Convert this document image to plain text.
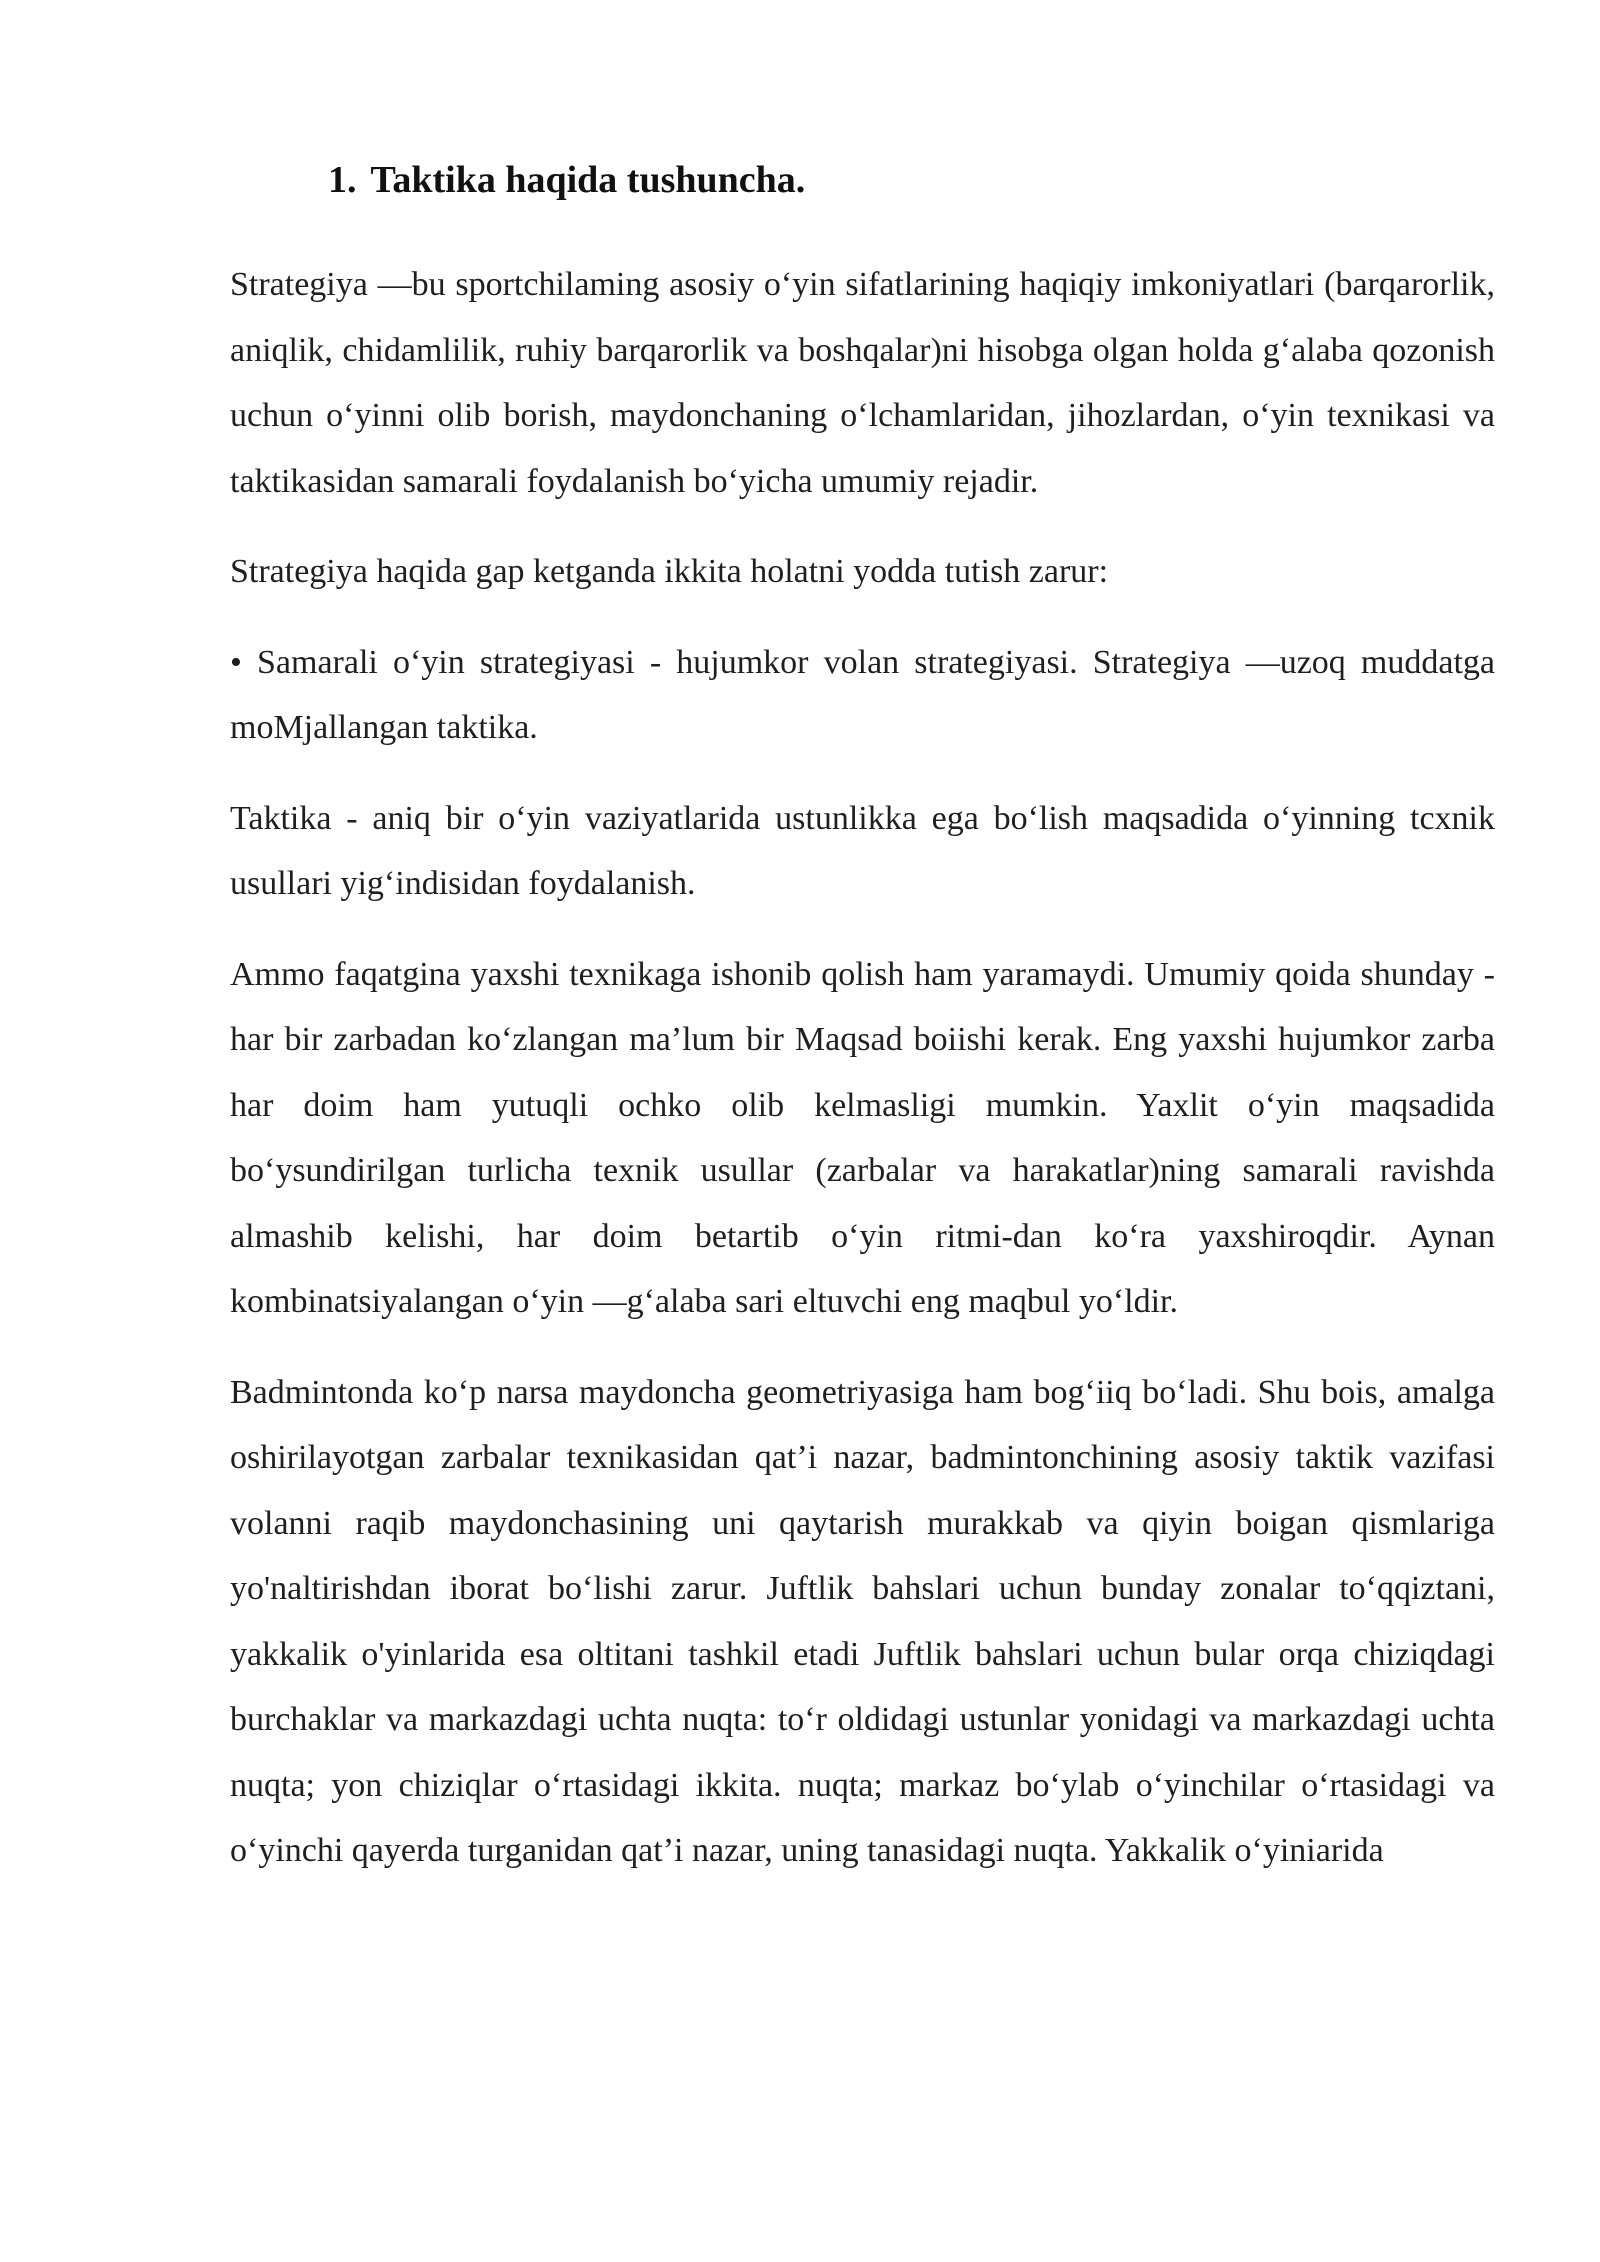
1. Taktika haqida tushuncha.

Strategiya —bu sportchilaming asosiy o‘yin sifatlarining haqiqiy imkoniyatlari (barqarorlik, aniqlik, chidamlilik, ruhiy barqarorlik va boshqalar)ni hisobga olgan holda g‘alaba qozonish uchun o‘yinni olib borish, maydonchaning o‘lchamlaridan, jihozlardan, o‘yin texnikasi va taktikasidan samarali foydalanish bo‘yicha umumiy rejadir.

Strategiya haqida gap ketganda ikkita holatni yodda tutish zarur:

• Samarali o‘yin strategiyasi - hujumkor volan strategiyasi. Strategiya —uzoq muddatga moMjallangan taktika.

Taktika - aniq bir o‘yin vaziyatlarida ustunlikka ega bo‘lish maqsadida o‘yinning tcxnik usullari yig‘indisidan foydalanish.

Ammo faqatgina yaxshi texnikaga ishonib qolish ham yaramaydi. Umumiy qoida shunday - har bir zarbadan ko‘zlangan ma’lum bir Maqsad boiishi kerak. Eng yaxshi hujumkor zarba har doim ham yutuqli ochko olib kelmasligi mumkin. Yaxlit o‘yin maqsadida bo‘ysundirilgan turlicha texnik usullar (zarbalar va harakatlar)ning samarali ravishda almashib kelishi, har doim betartib o‘yin ritmi-dan ko‘ra yaxshiroqdir. Aynan kombinatsiyalangan o‘yin —g‘alaba sari eltuvchi eng maqbul yo‘ldir.

Badmintonda ko‘p narsa maydoncha geometriyasiga ham bog‘iiq bo‘ladi. Shu bois, amalga oshirilayotgan zarbalar texnikasidan qat’i nazar, badmintonchining asosiy taktik vazifasi volanni raqib maydonchasining uni qaytarish murakkab va qiyin boigan qismlariga yo'naltirishdan iborat bo‘lishi zarur. Juftlik bahslari uchun bunday zonalar to‘qqiztani, yakkalik o'yinlarida esa oltitani tashkil etadi Juftlik bahslari uchun bular orqa chiziqdagi burchaklar va markazdagi uchta nuqta: to‘r oldidagi ustunlar yonidagi va markazdagi uchta nuqta; yon chiziqlar o‘rtasidagi ikkita. nuqta; markaz bo‘ylab o‘yinchilar o‘rtasidagi va o‘yinchi qayerda turganidan qat’i nazar, uning tanasidagi nuqta. Yakkalik o‘yiniarida
